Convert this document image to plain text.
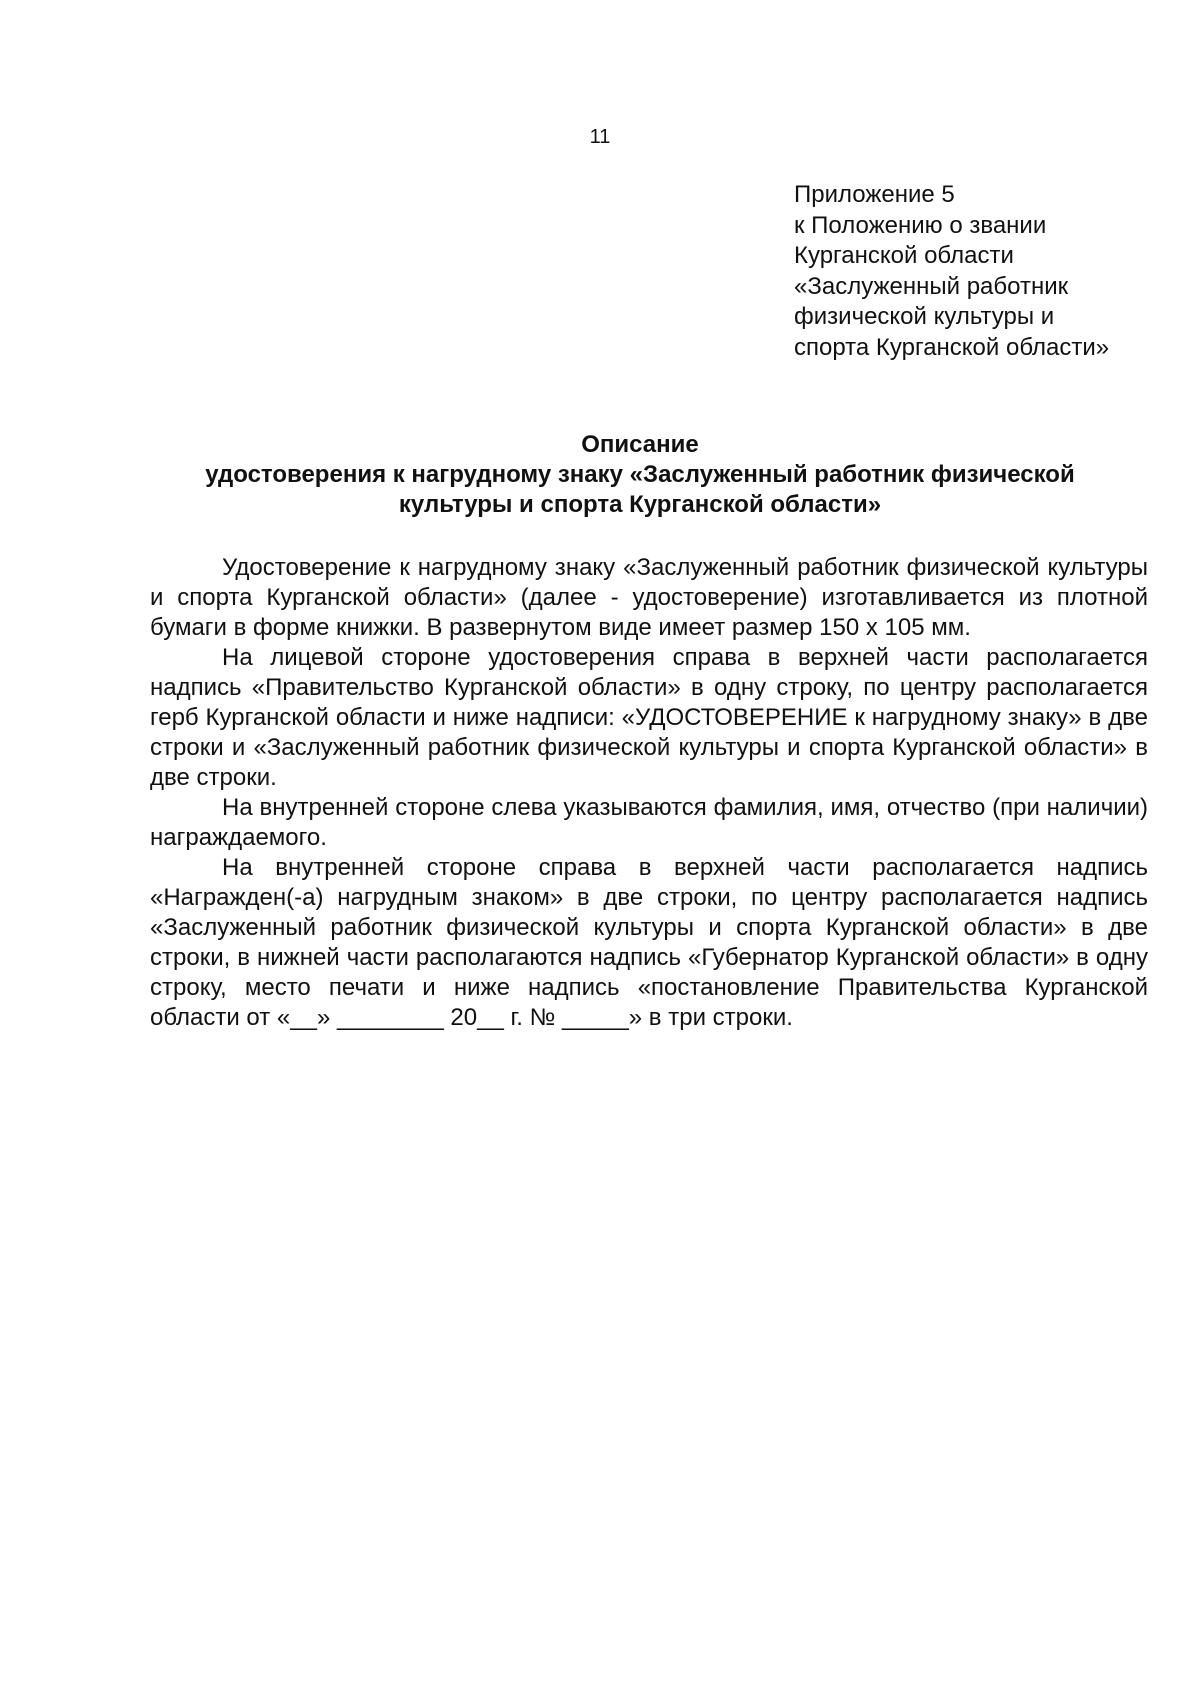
11
Приложение 5
к Положению о звании
Курганской области
«Заслуженный работник
физической культуры и
спорта Курганской области»
Описание
удостоверения к нагрудному знаку «Заслуженный работник физической
культуры и спорта Курганской области»

Удостоверение к нагрудному знаку «Заслуженный работник физической культуры и спорта Курганской области» (далее - удостоверение) изготавливается из плотной бумаги в форме книжки. В развернутом виде имеет размер 150 х 105 мм.

На лицевой стороне удостоверения справа в верхней части располагается надпись «Правительство Курганской области» в одну строку, по центру располагается герб Курганской области и ниже надписи: «УДОСТОВЕРЕНИЕ к нагрудному знаку» в две строки и «Заслуженный работник физической культуры и спорта Курганской области» в две строки.

На внутренней стороне слева указываются фамилия, имя, отчество (при наличии) награждаемого.

На внутренней стороне справа в верхней части располагается надпись «Награжден(-а) нагрудным знаком» в две строки, по центру располагается надпись «Заслуженный работник физической культуры и спорта Курганской области» в две строки, в нижней части располагаются надпись «Губернатор Курганской области» в одну строку, место печати и ниже надпись «постановление Правительства Курганской области от «__» ________ 20__ г. № _____» в три строки.
